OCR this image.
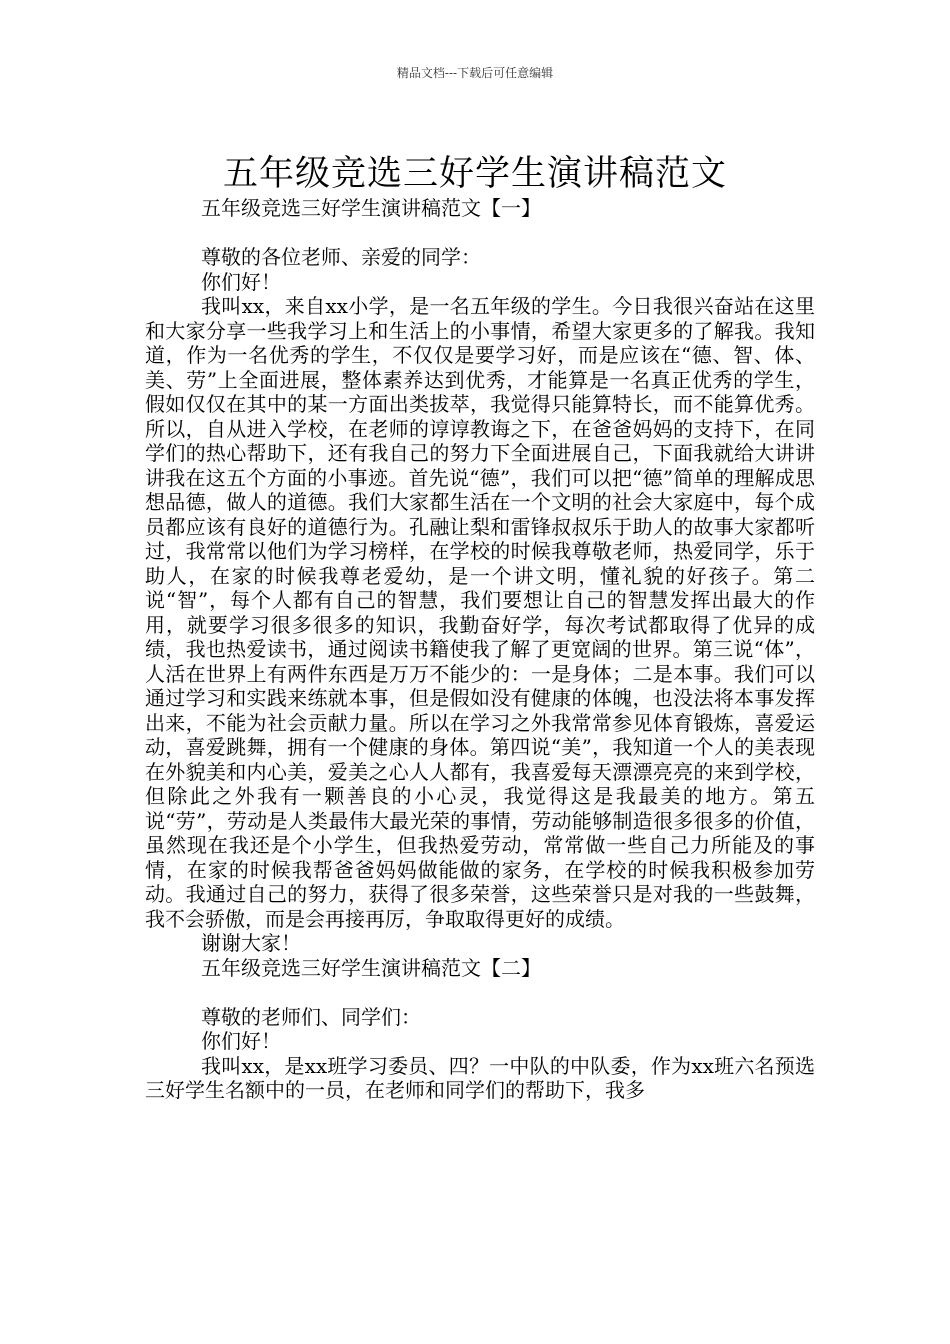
精品文档---下载后可任意编辑
五年级竞选三好学生演讲稿范文

五年级竞选三好学生演讲稿范文【一】

尊敬的各位老师、亲爱的同学：

你们好！

我叫xx，来自xx小学，是一名五年级的学生。今日我很兴奋站在这里和大家分享一些我学习上和生活上的小事情，希望大家更多的了解我。我知道，作为一名优秀的学生，不仅仅是要学习好，而是应该在“德、智、体、美、劳”上全面进展，整体素养达到优秀，才能算是一名真正优秀的学生，假如仅仅在其中的某一方面出类拔萃，我觉得只能算特长，而不能算优秀。所以，自从进入学校，在老师的谆谆教诲之下，在爸爸妈妈的支持下，在同学们的热心帮助下，还有我自己的努力下全面进展自己，下面我就给大讲讲讲我在这五个方面的小事迹。首先说“德”，我们可以把“德”简单的理解成思想品德，做人的道德。我们大家都生活在一个文明的社会大家庭中，每个成员都应该有良好的道德行为。孔融让梨和雷锋叔叔乐于助人的故事大家都听过，我常常以他们为学习榜样，在学校的时候我尊敬老师，热爱同学，乐于助人，在家的时候我尊老爱幼，是一个讲文明，懂礼貌的好孩子。第二说“智”，每个人都有自己的智慧，我们要想让自己的智慧发挥出最大的作用，就要学习很多很多的知识，我勤奋好学，每次考试都取得了优异的成绩，我也热爱读书，通过阅读书籍使我了解了更宽阔的世界。第三说“体”，人活在世界上有两件东西是万万不能少的：一是身体；二是本事。我们可以通过学习和实践来练就本事，但是假如没有健康的体魄，也没法将本事发挥出来，不能为社会贡献力量。所以在学习之外我常常参见体育锻炼，喜爱运动，喜爱跳舞，拥有一个健康的身体。第四说“美”，我知道一个人的美表现在外貌美和内心美，爱美之心人人都有，我喜爱每天漂漂亮亮的来到学校，但除此之外我有一颗善良的小心灵，我觉得这是我最美的地方。第五说“劳”，劳动是人类最伟大最光荣的事情，劳动能够制造很多很多的价值，虽然现在我还是个小学生，但我热爱劳动，常常做一些自己力所能及的事情，在家的时候我帮爸爸妈妈做能做的家务，在学校的时候我积极参加劳动。我通过自己的努力，获得了很多荣誉，这些荣誉只是对我的一些鼓舞，我不会骄傲，而是会再接再厉，争取取得更好的成绩。

谢谢大家！

五年级竞选三好学生演讲稿范文【二】

尊敬的老师们、同学们：

你们好！

我叫xx，是xx班学习委员、四？一中队的中队委，作为xx班六名预选三好学生名额中的一员，在老师和同学们的帮助下，我多
